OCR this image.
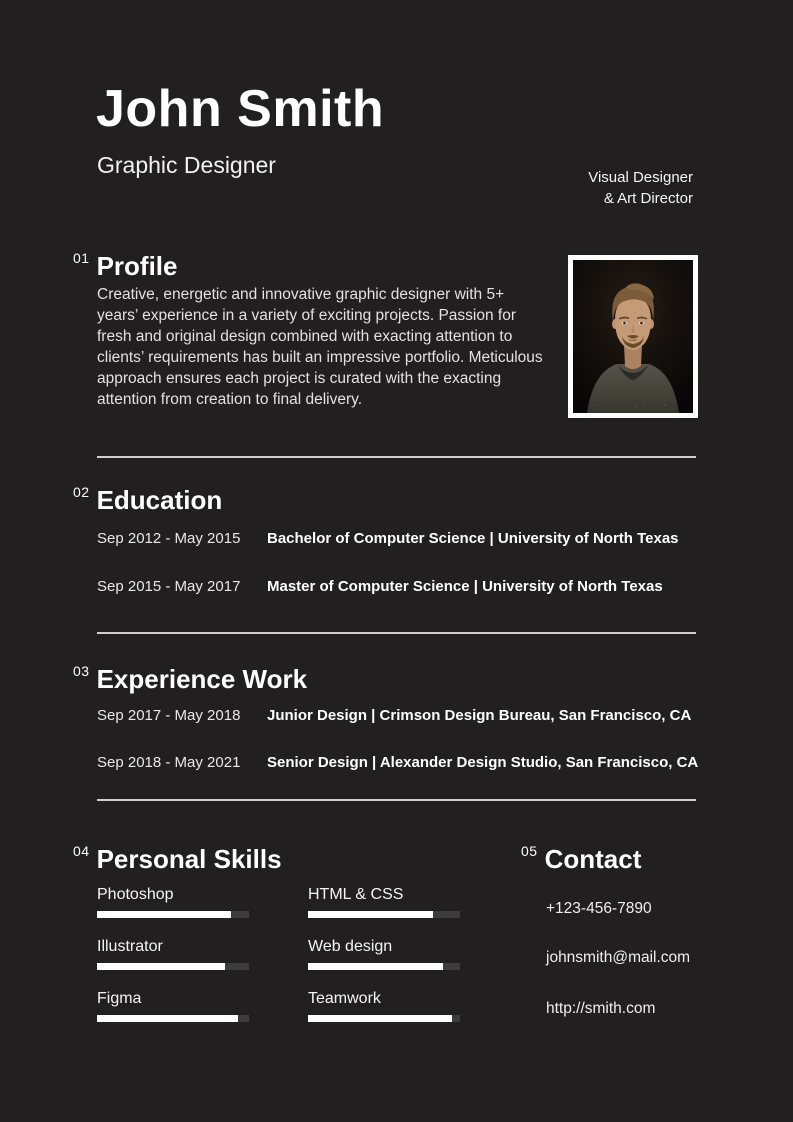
John Smith
Graphic Designer	Visual Designer
& Art Director
$^{01}$ Profile

Creative, energetic and innovative graphic designer with 5+ years’ experience in a variety of exciting projects. Passion for fresh and original design combined with exacting attention to clients’ requirements has built an impressive portfolio. Meticulous approach ensures each project is curated with the exacting attention from creation to final delivery.

$^{02}$ Education
Sep 2012 - May 2015	Bachelor of Computer Science | University of North Texas
Sep 2015 - May 2017	Master of Computer Science | University of North Texas
$^{03}$ Experience Work
Sep 2017 - May 2018	Junior Design | Crimson Design Bureau, San Francisco, CA
Sep 2018 - May 2021	Senior Design | Alexander Design Studio, San Francisco, CA
$^{04}$ Personal Skills
Photoshop
Illustrator
Figma
HTML & CSS
Web design
Teamwork
$^{05}$ Contact
+123-456-7890
johnsmith@mail.com
http://smith.com
